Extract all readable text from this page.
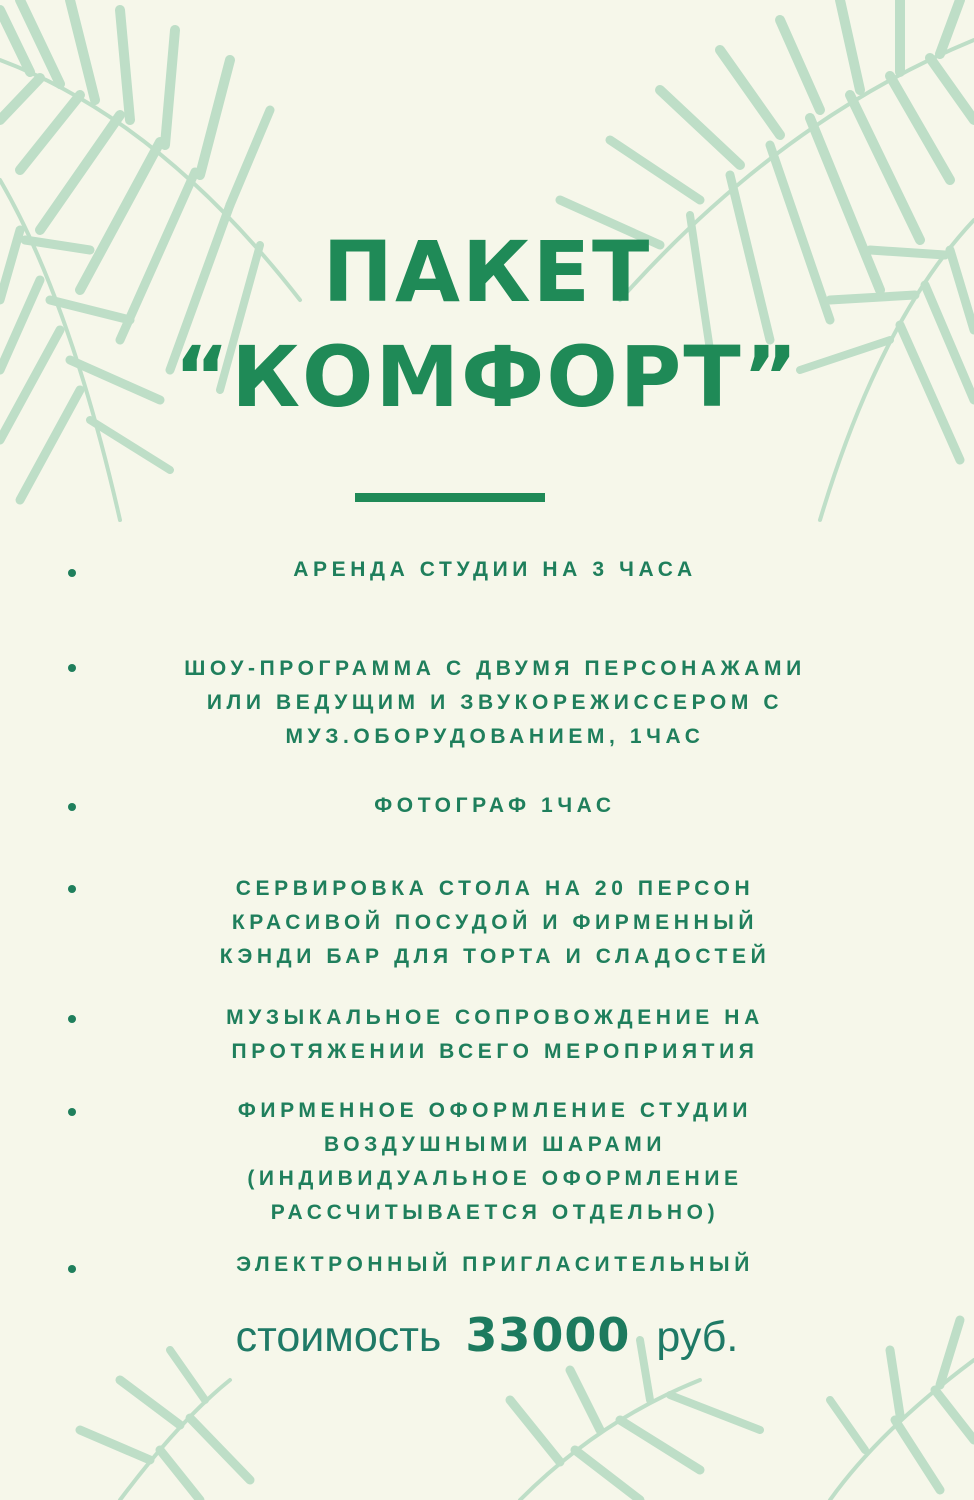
ПАКЕТ
“КОМФОРТ”

АРЕНДА СТУДИИ НА 3 ЧАСА

ШОУ-ПРОГРАММА С ДВУМЯ ПЕРСОНАЖАМИ
ИЛИ ВЕДУЩИМ И ЗВУКОРЕЖИССЕРОМ С
МУЗ.ОБОРУДОВАНИЕМ, 1ЧАС

ФОТОГРАФ 1ЧАС

СЕРВИРОВКА СТОЛА НА 20 ПЕРСОН
КРАСИВОЙ ПОСУДОЙ И ФИРМЕННЫЙ
КЭНДИ БАР ДЛЯ ТОРТА И СЛАДОСТЕЙ

МУЗЫКАЛЬНОЕ СОПРОВОЖДЕНИЕ НА
ПРОТЯЖЕНИИ ВСЕГО МЕРОПРИЯТИЯ

ФИРМЕННОЕ ОФОРМЛЕНИЕ СТУДИИ
ВОЗДУШНЫМИ ШАРАМИ
(ИНДИВИДУАЛЬНОЕ ОФОРМЛЕНИЕ
РАССЧИТЫВАЕТСЯ ОТДЕЛЬНО)

ЭЛЕКТРОННЫЙ ПРИГЛАСИТЕЛЬНЫЙ

стоимость 33000 руб.
